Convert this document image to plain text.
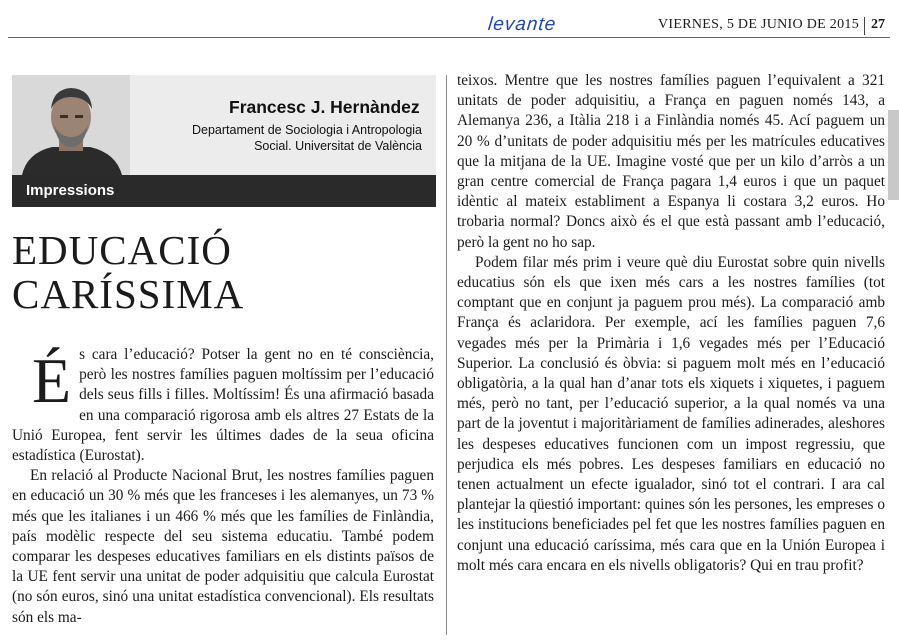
levante	VIERNES, 5 DE JUNIO DE 2015 27
Francesc J. Hernàndez
Departament de Sociologia i Antropologia
Social. Universitat de València
Impressions
EDUCACIÓ
CARÍSSIMA

És cara l’educació? Potser la gent no en té consciència, però les nostres famílies paguen moltíssim per l’educació dels seus fills i filles. Moltíssim! És una afirmació basada en una comparació rigorosa amb els altres 27 Estats de la Unió Europea, fent servir les últimes dades de la seua oficina estadística (Eurostat).

En relació al Producte Nacional Brut, les nostres famílies paguen en educació un 30 % més que les franceses i les alemanyes, un 73 % més que les italianes i un 466 % més que les famílies de Finlàndia, país modèlic respecte del seu sistema educatiu. També podem comparar les despeses educatives familiars en els distints països de la UE fent servir una unitat de poder adquisitiu que calcula Eurostat (no són euros, sinó una unitat estadística convencional). Els resultats són els ma-

teixos. Mentre que les nostres famílies paguen l’equivalent a 321 unitats de poder adquisitiu, a França en paguen només 143, a Alemanya 236, a Itàlia 218 i a Finlàndia només 45. Ací paguem un 20 % d’unitats de poder adquisitiu més per les matrícules educatives que la mitjana de la UE. Imagine vosté que per un kilo d’arròs a un gran centre comercial de França pagara 1,4 euros i que un paquet idèntic al mateix establiment a Espanya li costara 3,2 euros. Ho trobaria normal? Doncs això és el que està passant amb l’educació, però la gent no ho sap.

Podem filar més prim i veure què diu Eurostat sobre quin nivells educatius són els que ixen més cars a les nostres famílies (tot comptant que en conjunt ja paguem prou més). La comparació amb França és aclaridora. Per exemple, ací les famílies paguen 7,6 vegades més per la Primària i 1,6 vegades més per l’Educació Superior. La conclusió és òbvia: si paguem molt més en l’educació obligatòria, a la qual han d’anar tots els xiquets i xiquetes, i paguem més, però no tant, per l’educació superior, a la qual només va una part de la joventut i majoritàriament de famílies adinerades, aleshores les despeses educatives funcionen com un impost regressiu, que perjudica els més pobres. Les despeses familiars en educació no tenen actualment un efecte igualador, sinó tot el contrari. I ara cal plantejar la qüestió important: quines són les persones, les empreses o les institucions beneficiades pel fet que les nostres famílies paguen en conjunt una educació caríssima, més cara que en la Unión Europea i molt més cara encara en els nivells obligatoris? Qui en trau profit?
